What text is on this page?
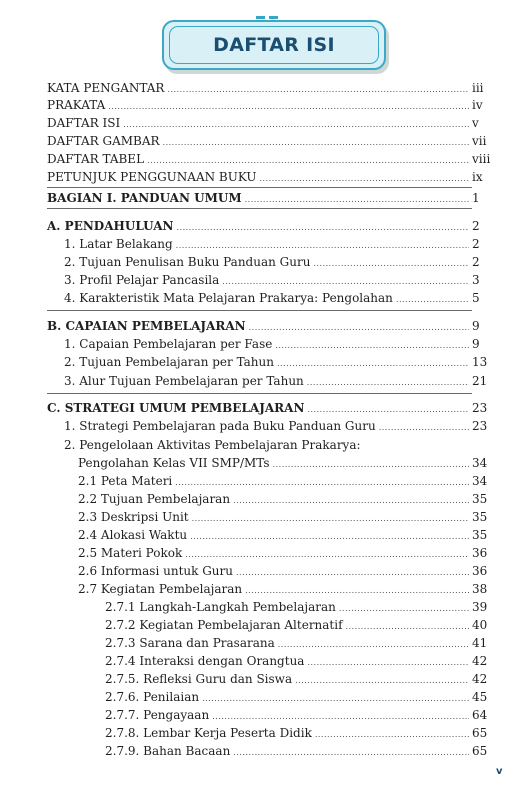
DAFTAR ISI
KATA PENGANTAR .....	iii
PRAKATA .....	iv
DAFTAR ISI .....	v
DAFTAR GAMBAR .....	vii
DAFTAR TABEL .....	viii
PETUNJUK PENGGUNAAN BUKU .....	ix
BAGIAN I. PANDUAN UMUM .....	1
A. PENDAHULUAN .....	2
1. Latar Belakang .....	2
2. Tujuan Penulisan Buku Panduan Guru .....	2
3. Profil Pelajar Pancasila .....	3
4. Karakteristik Mata Pelajaran Prakarya: Pengolahan .....	5
B. CAPAIAN PEMBELAJARAN .....	9
1. Capaian Pembelajaran per Fase .....	9
2. Tujuan Pembelajaran per Tahun .....	13
3. Alur Tujuan Pembelajaran per Tahun .....	21
C. STRATEGI UMUM PEMBELAJARAN .....	23
1. Strategi Pembelajaran pada Buku Panduan Guru .....	23
2. Pengelolaan Aktivitas Pembelajaran Prakarya:
Pengolahan Kelas VII SMP/MTs .....	34
2.1 Peta Materi .....	34
2.2 Tujuan Pembelajaran .....	35
2.3 Deskripsi Unit .....	35
2.4 Alokasi Waktu .....	35
2.5 Materi Pokok .....	36
2.6 Informasi untuk Guru .....	36
2.7 Kegiatan Pembelajaran .....	38
2.7.1 Langkah-Langkah Pembelajaran .....	39
2.7.2 Kegiatan Pembelajaran Alternatif .....	40
2.7.3 Sarana dan Prasarana .....	41
2.7.4 Interaksi dengan Orangtua .....	42
2.7.5. Refleksi Guru dan Siswa .....	42
2.7.6. Penilaian .....	45
2.7.7. Pengayaan .....	64
2.7.8. Lembar Kerja Peserta Didik .....	65
2.7.9. Bahan Bacaan .....	65
v
